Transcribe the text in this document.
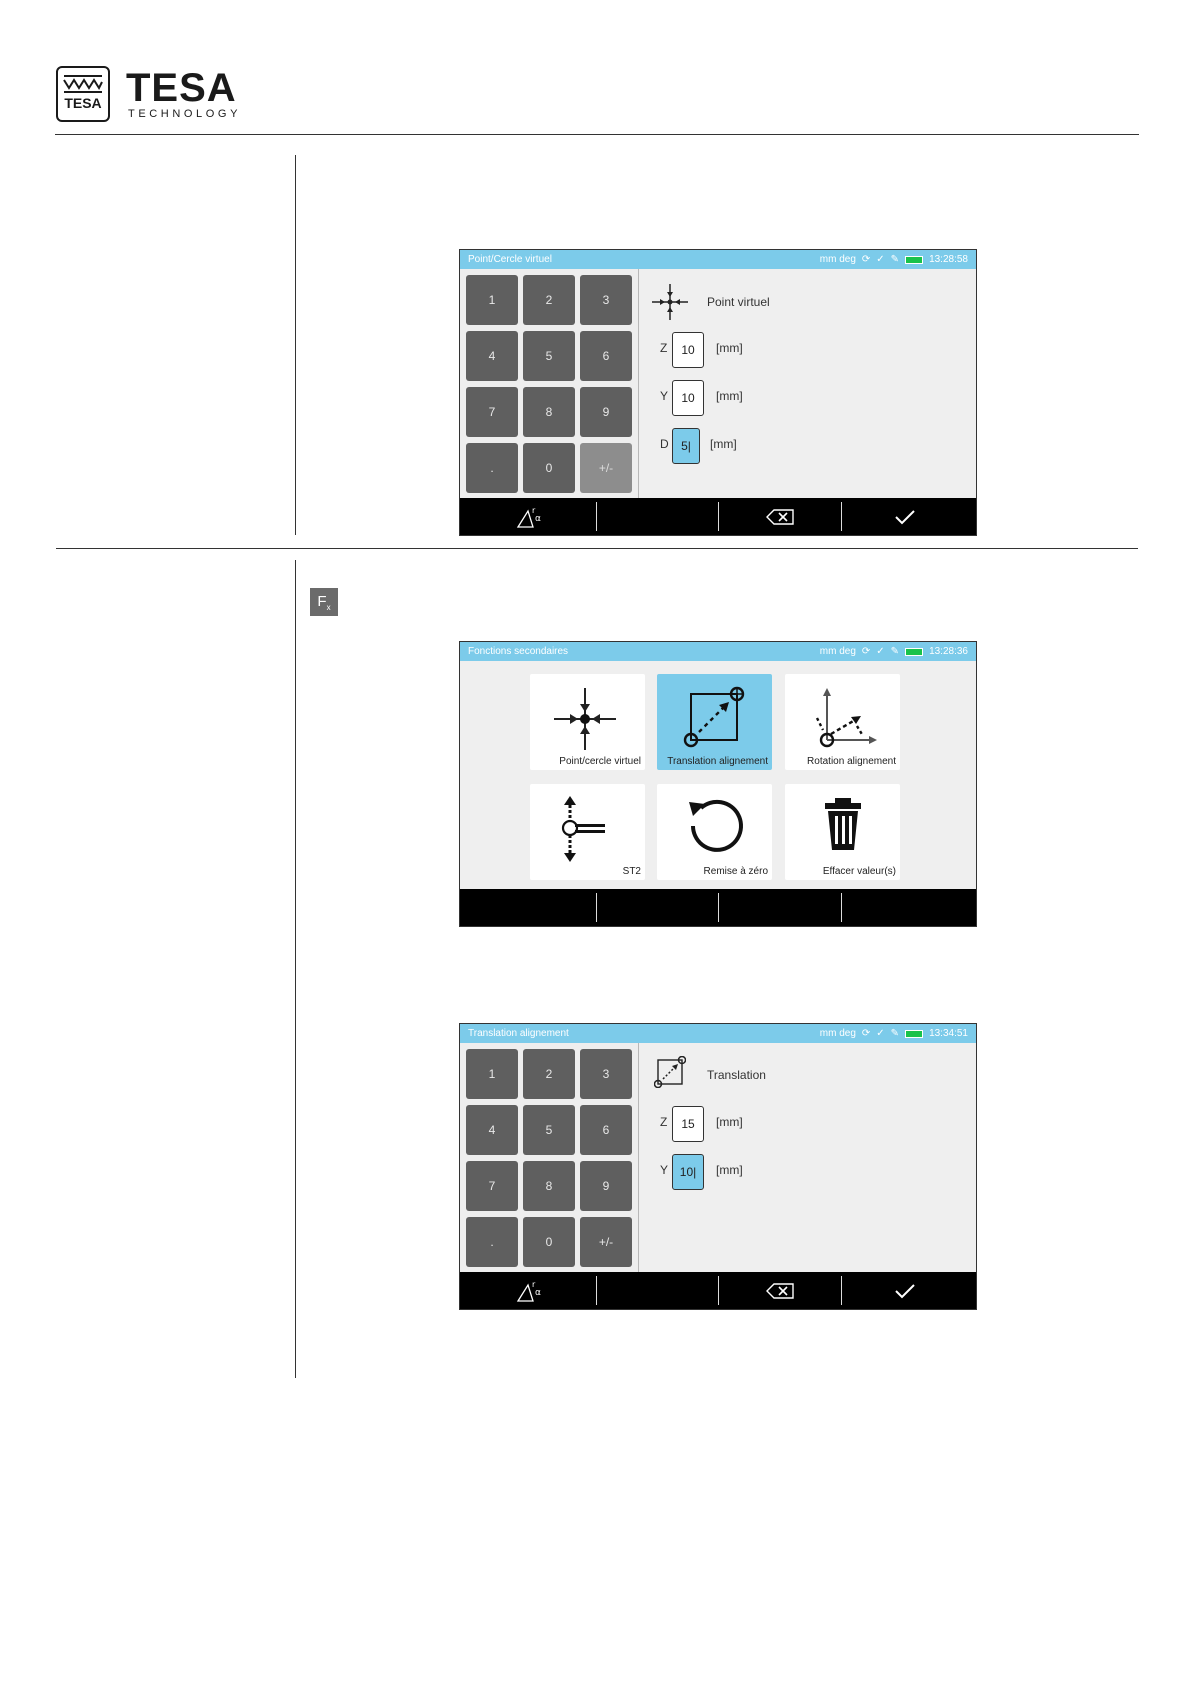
TESA TESA
TECHNOLOGY
Point/Cercle virtuel	mm deg ⟳ ✓ ✎	13:28:58
1	2	3
4	5	6
7	8	9
.	0	+/-
Point virtuel
Z	10	[mm]
Y	10	[mm]
D	5|	[mm]
r
α
$F_x$
Fonctions secondaires	mm deg ⟳ ✓ ✎	13:28:36
Point/cercle virtuel	Translation alignement	Rotation alignement
ST2	Remise à zéro	Effacer valeur(s)
Translation alignement	mm deg ⟳ ✓ ✎	13:34:51
1	2	3
4	5	6
7	8	9
.	0	+/-
Translation
Z	15	[mm]
Y 10|	[mm]
r
α
